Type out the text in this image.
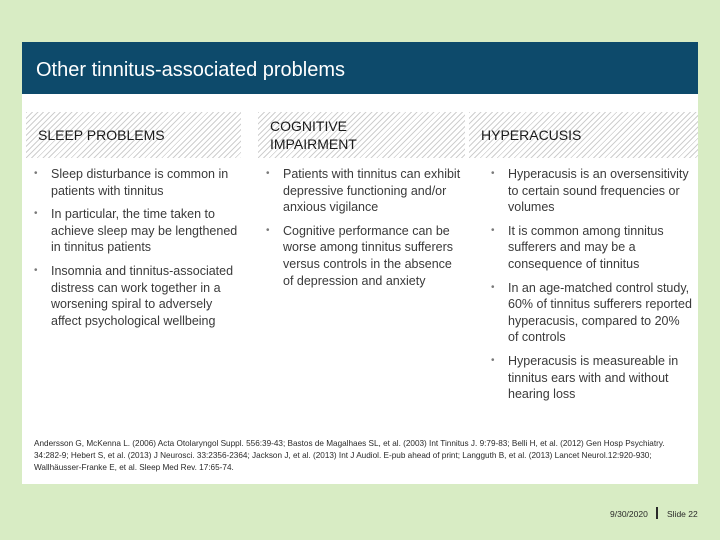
Other tinnitus-associated problems
SLEEP PROBLEMS
• Sleep disturbance is common in patients with tinnitus
• In particular, the time taken to achieve sleep may be lengthened in tinnitus patients
• Insomnia and tinnitus-associated distress can work together in a worsening spiral to adversely affect psychological wellbeing
COGNITIVE IMPAIRMENT
• Patients with tinnitus can exhibit depressive functioning and/or anxious vigilance
• Cognitive performance can be worse among tinnitus sufferers versus controls in the absence of depression and anxiety
HYPERACUSIS
• Hyperacusis is an oversensitivity to certain sound frequencies or volumes
• It is common among tinnitus sufferers and may be a consequence of tinnitus
• In an age-matched control study, 60% of tinnitus sufferers reported hyperacusis, compared to 20% of controls
• Hyperacusis is measureable in tinnitus ears with and without hearing loss

Andersson G, McKenna L. (2006) Acta Otolaryngol Suppl. 556:39-43; Bastos de Magalhaes SL, et al. (2003) Int Tinnitus J. 9:79-83; Belli H, et al. (2012) Gen Hosp Psychiatry. 34:282-9; Hebert S, et al. (2013) J Neurosci. 33:2356-2364; Jackson J, et al. (2013) Int J Audiol. E-pub ahead of print; Langguth B, et al. (2013) Lancet Neurol.12:920-930; Wallhäusser-Franke E, et al. Sleep Med Rev. 17:65-74.

9/30/2020 Slide 22
